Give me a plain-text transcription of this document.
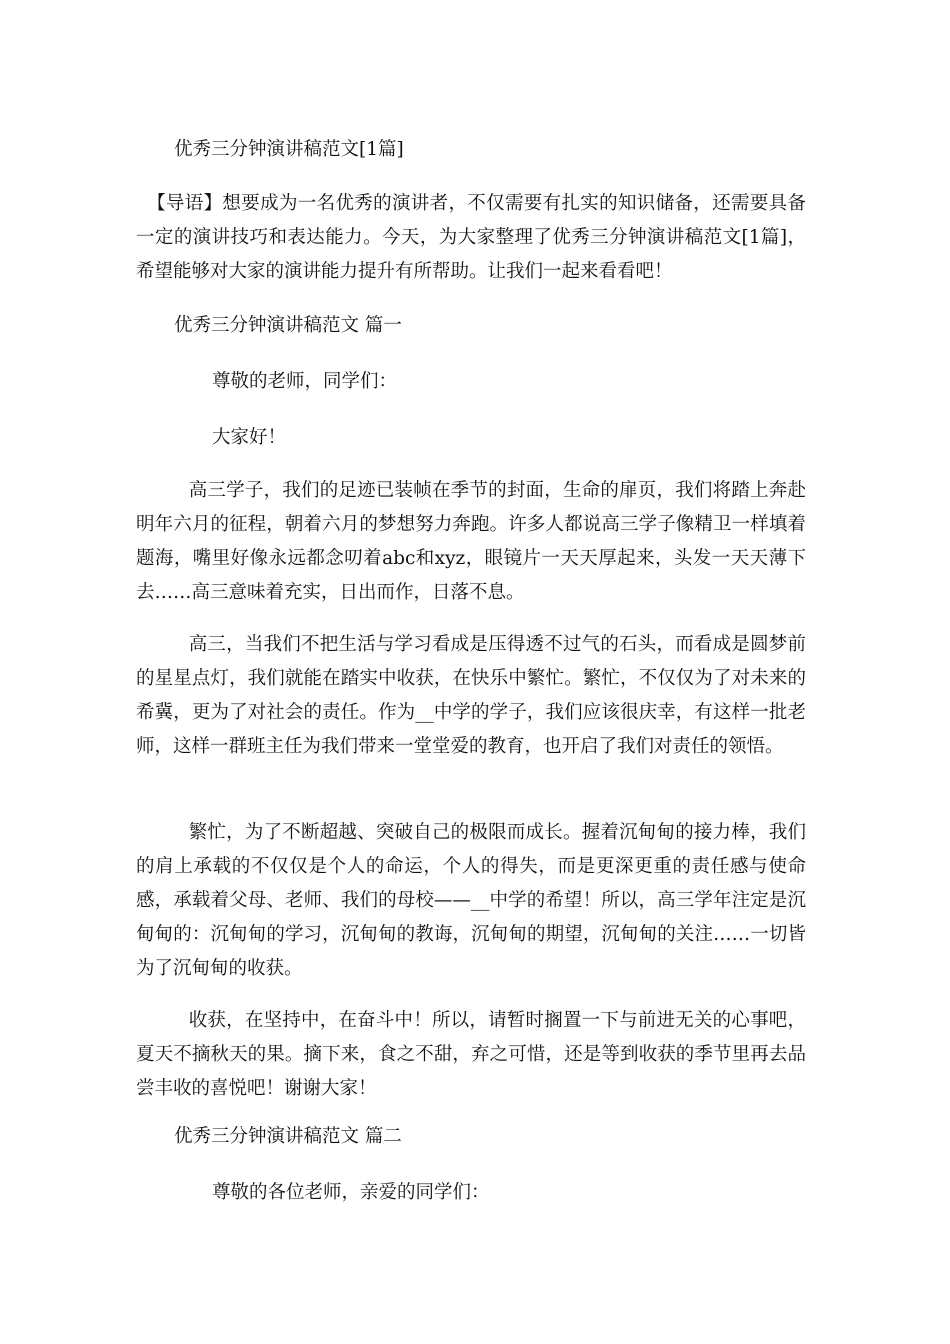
优秀三分钟演讲稿范文[1篇]
【导语】想要成为一名优秀的演讲者，不仅需要有扎实的知识储备，还需要具备一定的演讲技巧和表达能力。今天，为大家整理了优秀三分钟演讲稿范文[1篇]，希望能够对大家的演讲能力提升有所帮助。让我们一起来看看吧！
优秀三分钟演讲稿范文 篇一
尊敬的老师，同学们：
大家好！
高三学子，我们的足迹已装帧在季节的封面，生命的扉页，我们将踏上奔赴明年六月的征程，朝着六月的梦想努力奔跑。许多人都说高三学子像精卫一样填着题海，嘴里好像永远都念叨着abc和xyz，眼镜片一天天厚起来，头发一天天薄下去……高三意味着充实，日出而作，日落不息。
高三，当我们不把生活与学习看成是压得透不过气的石头，而看成是圆梦前的星星点灯，我们就能在踏实中收获，在快乐中繁忙。繁忙，不仅仅为了对未来的希冀，更为了对社会的责任。作为__中学的学子，我们应该很庆幸，有这样一批老师，这样一群班主任为我们带来一堂堂爱的教育，也开启了我们对责任的领悟。
繁忙，为了不断超越、突破自己的极限而成长。握着沉甸甸的接力棒，我们的肩上承载的不仅仅是个人的命运，个人的得失，而是更深更重的责任感与使命感，承载着父母、老师、我们的母校——__中学的希望！所以，高三学年注定是沉甸甸的：沉甸甸的学习，沉甸甸的教诲，沉甸甸的期望，沉甸甸的关注……一切皆为了沉甸甸的收获。
收获，在坚持中，在奋斗中！所以，请暂时搁置一下与前进无关的心事吧，夏天不摘秋天的果。摘下来，食之不甜，弃之可惜，还是等到收获的季节里再去品尝丰收的喜悦吧！谢谢大家！
优秀三分钟演讲稿范文 篇二
尊敬的各位老师，亲爱的同学们：
